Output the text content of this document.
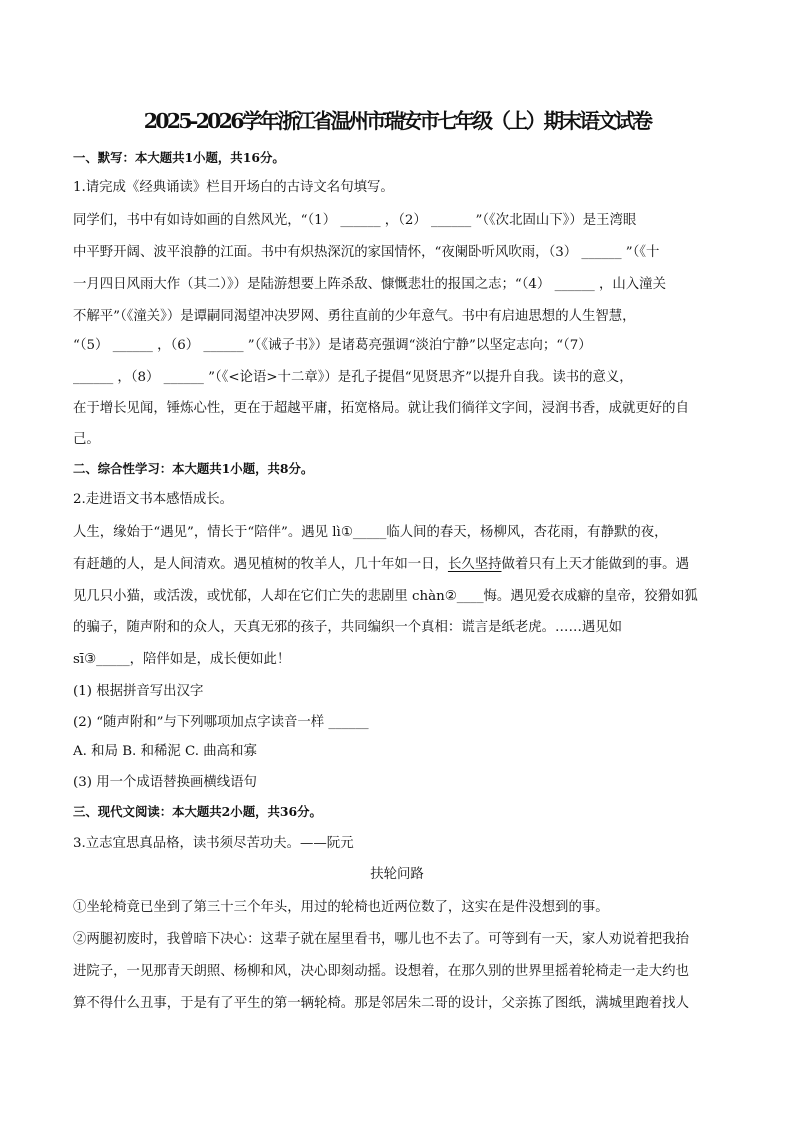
2025-2026学年浙江省温州市瑞安市七年级（上）期末语文试卷
一、默写：本大题共1小题，共16分。
1.请完成《经典诵读》栏目开场白的古诗文名句填写。
同学们，书中有如诗如画的自然风光，“（1） ______ ，（2） ______ ”（《次北固山下》）是王湾眼
中平野开阔、波平浪静的江面。书中有炽热深沉的家国情怀，“夜阑卧听风吹雨，（3） ______ ”（《十
一月四日风雨大作（其二）》）是陆游想要上阵杀敌、慷慨悲壮的报国之志；“（4） ______ ，山入潼关
不解平”（《潼关》）是谭嗣同渴望冲决罗网、勇往直前的少年意气。书中有启迪思想的人生智慧，
“（5） ______ ，（6） ______ ”（《诫子书》）是诸葛亮强调“淡泊宁静”以坚定志向；“（7）
______ ，（8） ______ ”（《<论语>十二章》）是孔子提倡“见贤思齐”以提升自我。读书的意义，
在于增长见闻，锤炼心性，更在于超越平庸，拓宽格局。就让我们徜徉文字间，浸润书香，成就更好的自
己。
二、综合性学习：本大题共1小题，共8分。
2.走进语文书本感悟成长。
人生，缘始于“遇见”，情长于“陪伴”。遇见 lì①_____临人间的春天，杨柳风，杏花雨，有静默的夜，
有赶趟的人，是人间清欢。遇见植树的牧羊人，几十年如一日，长久坚持做着只有上天才能做到的事。遇
见几只小猫，或活泼，或忧郁，人却在它们亡失的悲剧里 chàn②____悔。遇见爱衣成癖的皇帝，狡猾如狐
的骗子，随声附和的众人，天真无邪的孩子，共同编织一个真相：谎言是纸老虎。……遇见如
sī③_____，陪伴如是，成长便如此！
(1) 根据拼音写出汉字
(2) “随声附和”与下列哪项加点字读音一样 ______
A. 和局 B. 和稀泥 C. 曲高和寡
(3) 用一个成语替换画横线语句
三、现代文阅读：本大题共2小题，共36分。
3.立志宜思真品格，读书须尽苦功夫。——阮元
扶轮问路
①坐轮椅竟已坐到了第三十三个年头，用过的轮椅也近两位数了，这实在是件没想到的事。
②两腿初废时，我曾暗下决心：这辈子就在屋里看书，哪儿也不去了。可等到有一天，家人劝说着把我抬
进院子，一见那青天朗照、杨柳和风，决心即刻动摇。设想着，在那久别的世界里摇着轮椅走一走大约也
算不得什么丑事，于是有了平生的第一辆轮椅。那是邻居朱二哥的设计，父亲拣了图纸，满城里跑着找人
